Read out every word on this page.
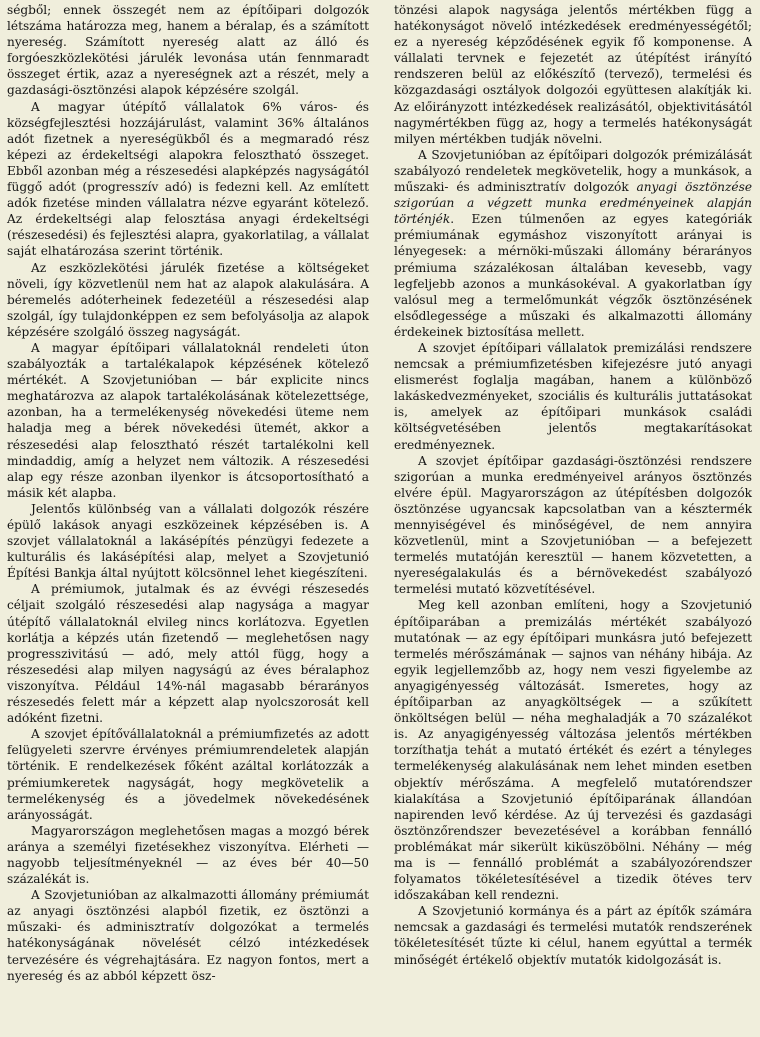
ségből; ennek összegét nem az építőipari dolgozók létszáma határozza meg, hanem a béralap, és a számított nyereség. Számított nyereség alatt az álló és forgóeszközlekötési járulék levonása után fennmaradt összeget értik, azaz a nyereségnek azt a részét, mely a gazdasági-ösztönzési alapok képzésére szolgál.

A magyar útépítő vállalatok 6% város- és községfejlesztési hozzájárulást, valamint 36% általános adót fizetnek a nyereségükből és a megmaradó rész képezi az érdekeltségi alapokra felosztható összeget. Ebből azonban még a részesedési alapképzés nagyságától függő adót (progresszív adó) is fedezni kell. Az említett adók fizetése minden vállalatra nézve egyaránt kötelező. Az érdekeltségi alap felosztása anyagi érdekeltségi (részesedési) és fejlesztési alapra, gyakorlatilag, a vállalat saját elhatározása szerint történik.

Az eszközlekötési járulék fizetése a költségeket növeli, így közvetlenül nem hat az alapok alakulására. A béremelés adóterheinek fedezetéül a részesedési alap szolgál, így tulajdonképpen ez sem befolyásolja az alapok képzésére szolgáló összeg nagyságát.

A magyar építőipari vállalatoknál rendeleti úton szabályozták a tartalékalapok képzésének kötelező mértékét. A Szovjetunióban — bár explicite nincs meghatározva az alapok tartalékolásának kötelezettsége, azonban, ha a termelékenység növekedési üteme nem haladja meg a bérek növekedési ütemét, akkor a részesedési alap felosztható részét tartalékolni kell mindaddig, amíg a helyzet nem változik. A részesedési alap egy része azonban ilyenkor is átcsoportosítható a másik két alapba.

Jelentős különbség van a vállalati dolgozók részére épülő lakások anyagi eszközeinek képzésében is. A szovjet vállalatoknál a lakásépítés pénzügyi fedezete a kulturális és lakásépítési alap, melyet a Szovjetunió Építési Bankja által nyújtott kölcsönnel lehet kiegészíteni.

A prémiumok, jutalmak és az évvégi részesedés céljait szolgáló részesedési alap nagysága a magyar útépítő vállalatoknál elvileg nincs korlátozva. Egyetlen korlátja a képzés után fizetendő — meglehetősen nagy progresszivitású — adó, mely attól függ, hogy a részesedési alap milyen nagyságú az éves béralaphoz viszonyítva. Például 14%-nál magasabb bérarányos részesedés felett már a képzett alap nyolcszorosát kell adóként fizetni.

A szovjet építővállalatoknál a prémiumfizetés az adott felügyeleti szervre érvényes prémiumrendeletek alapján történik. E rendelkezések főként azáltal korlátozzák a prémiumkeretek nagyságát, hogy megkövetelik a termelékenység és a jövedelmek növekedésének arányosságát.

Magyarországon meglehetősen magas a mozgó bérek aránya a személyi fizetésekhez viszonyítva. Elérheti — nagyobb teljesítményeknél — az éves bér 40—50 százalékát is.

A Szovjetunióban az alkalmazotti állomány prémiumát az anyagi ösztönzési alapból fizetik, ez ösztönzi a műszaki- és adminisztratív dolgozókat a termelés hatékonyságának növelését célzó intézkedések tervezésére és végrehajtására. Ez nagyon fontos, mert a nyereség és az abból képzett ösz-

tönzési alapok nagysága jelentős mértékben függ a hatékonyságot növelő intézkedések eredményességétől; ez a nyereség képződésének egyik fő komponense. A vállalati tervnek e fejezetét az útépítést irányító rendszeren belül az előkészítő (tervező), termelési és közgazdasági osztályok dolgozói együttesen alakítják ki. Az előirányzott intézkedések realizásától, objektivitásától nagymértékben függ az, hogy a termelés hatékonyságát milyen mértékben tudják növelni.

A Szovjetunióban az építőipari dolgozók prémizálását szabályozó rendeletek megkövetelik, hogy a munkások, a műszaki- és adminisztratív dolgozók anyagi ösztönzése szigorúan a végzett munka eredményeinek alapján történjék. Ezen túlmenően az egyes kategóriák prémiumának egymáshoz viszonyított arányai is lényegesek: a mérnöki-műszaki állomány bérarányos prémiuma százalékosan általában kevesebb, vagy legfeljebb azonos a munkásokéval. A gyakorlatban így valósul meg a termelőmunkát végzők ösztönzésének elsődlegessége a műszaki és alkalmazotti állomány érdekeinek biztosítása mellett.

A szovjet építőipari vállalatok premizálási rendszere nemcsak a prémiumfizetésben kifejezésre jutó anyagi elismerést foglalja magában, hanem a különböző lakáskedvezményeket, szociális és kulturális juttatásokat is, amelyek az építőipari munkások családi költségvetésében jelentős megtakarításokat eredményeznek.

A szovjet építőipar gazdasági-ösztönzési rendszere szigorúan a munka eredményeivel arányos ösztönzés elvére épül. Magyarországon az útépítésben dolgozók ösztönzése ugyancsak kapcsolatban van a késztermék mennyiségével és minőségével, de nem annyira közvetlenül, mint a Szovjetunióban — a befejezett termelés mutatóján keresztül — hanem közvetetten, a nyereségalakulás és a bérnövekedést szabályozó termelési mutató közvetítésével.

Meg kell azonban említeni, hogy a Szovjetunió építőiparában a premizálás mértékét szabályozó mutatónak — az egy építőipari munkásra jutó befejezett termelés mérőszámának — sajnos van néhány hibája. Az egyik legjellemzőbb az, hogy nem veszi figyelembe az anyagigényesség változását. Ismeretes, hogy az építőiparban az anyagköltségek — a szűkített önköltségen belül — néha meghaladják a 70 százalékot is. Az anyagigényesség változása jelentős mértékben torzíthatja tehát a mutató értékét és ezért a tényleges termelékenység alakulásának nem lehet minden esetben objektív mérőszáma. A megfelelő mutatórendszer kialakítása a Szovjetunió építőiparának állandóan napirenden levő kérdése. Az új tervezési és gazdasági ösztönzőrendszer bevezetésével a korábban fennálló problémákat már sikerült kiküszöbölni. Néhány — még ma is — fennálló problémát a szabályozórendszer folyamatos tökéletesítésével a tizedik ötéves terv időszakában kell rendezni.

A Szovjetunió kormánya és a párt az építők számára nemcsak a gazdasági és termelési mutatók rendszerének tökéletesítését tűzte ki célul, hanem egyúttal a termék minőségét értékelő objektív mutatók kidolgozását is.
